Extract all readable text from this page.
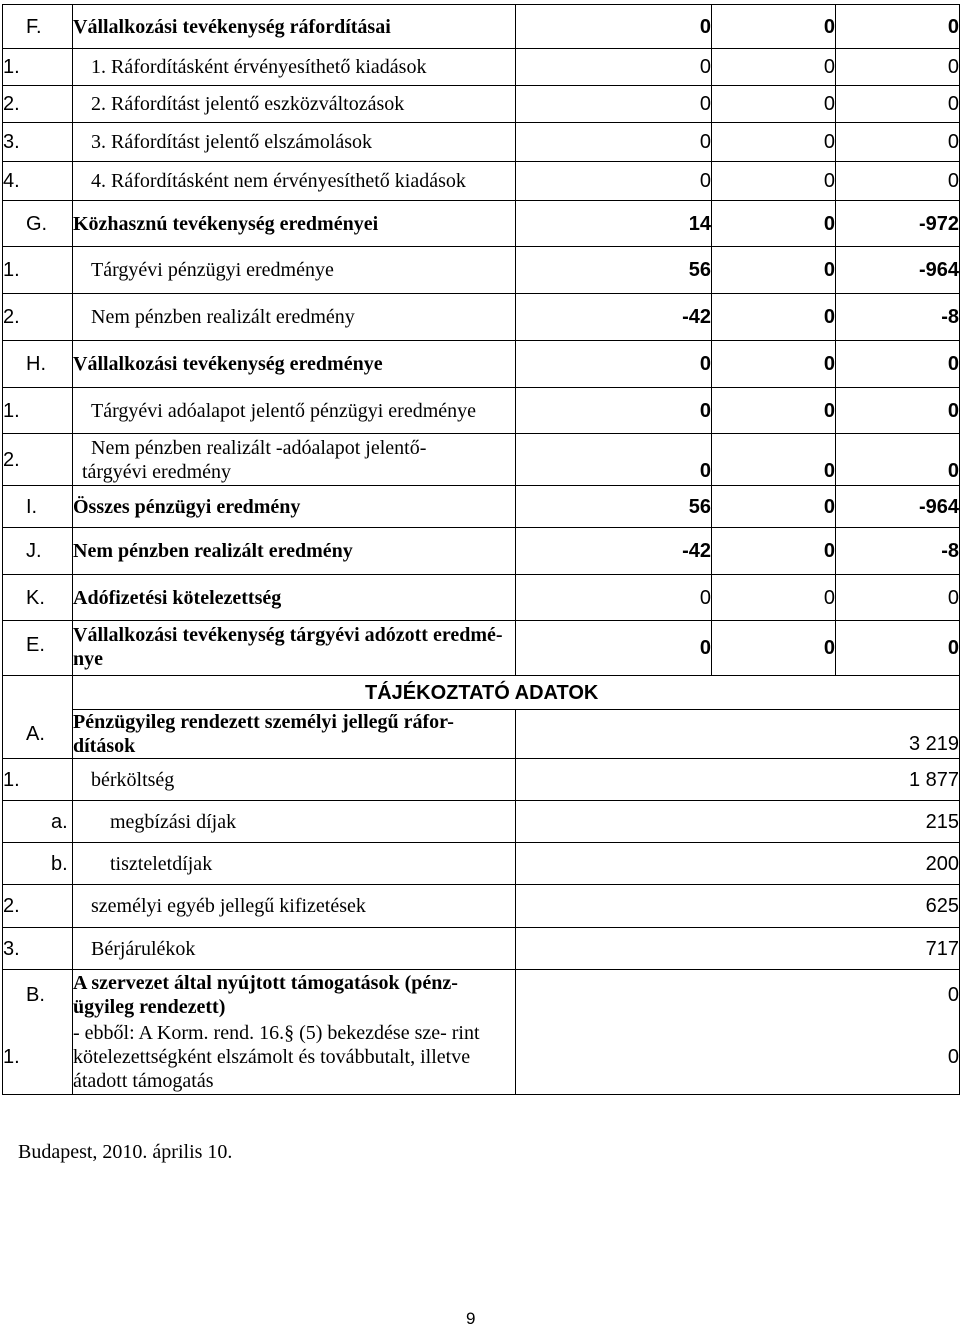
F.	Vállalkozási tevékenység ráfordításai	0	0	0
1.	1. Ráfordításként érvényesíthető kiadások	0	0	0
2.	2. Ráfordítást jelentő eszközváltozások	0	0	0
3.	3. Ráfordítást jelentő elszámolások	0	0	0
4.	4. Ráfordításként nem érvényesíthető kiadások	0	0	0
G.	Közhasznú tevékenység eredményei	14	0	-972
1.	Tárgyévi pénzügyi eredménye	56	0	-964
2.	Nem pénzben realizált eredmény	-42	0	-8
H.	Vállalkozási tevékenység eredménye	0	0	0
1.	Tárgyévi adóalapot jelentő pénzügyi eredménye	0	0	0
2.	Nem pénzben realizált -adóalapot jelentő- tárgyévi eredmény	0	0	0
I.	Összes pénzügyi eredmény	56	0	-964
J.	Nem pénzben realizált eredmény	-42	0	-8
K.	Adófizetési kötelezettség	0	0	0
E.	Vállalkozási tevékenység tárgyévi adózott eredmé- nye	0	0	0
	TÁJÉKOZTATÓ ADATOK			
A.	Pénzügyileg rendezett személyi jellegű ráfor- dítások	3 219		
1.	bérköltség	1 877		
a.	megbízási díjak	215		
b.	tiszteletdíjak	200		
2.	személyi egyéb jellegű kifizetések	625		
3.	Bérjárulékok	717		
B.	A szervezet által nyújtott támogatások (pénz- ügyileg rendezett)	0		
1.	- ebből: A Korm. rend. 16.§ (5) bekezdése sze- rint kötelezettségként elszámolt és továbbutalt, illetve átadott támogatás	0		
Budapest, 2010. április 10.
9
